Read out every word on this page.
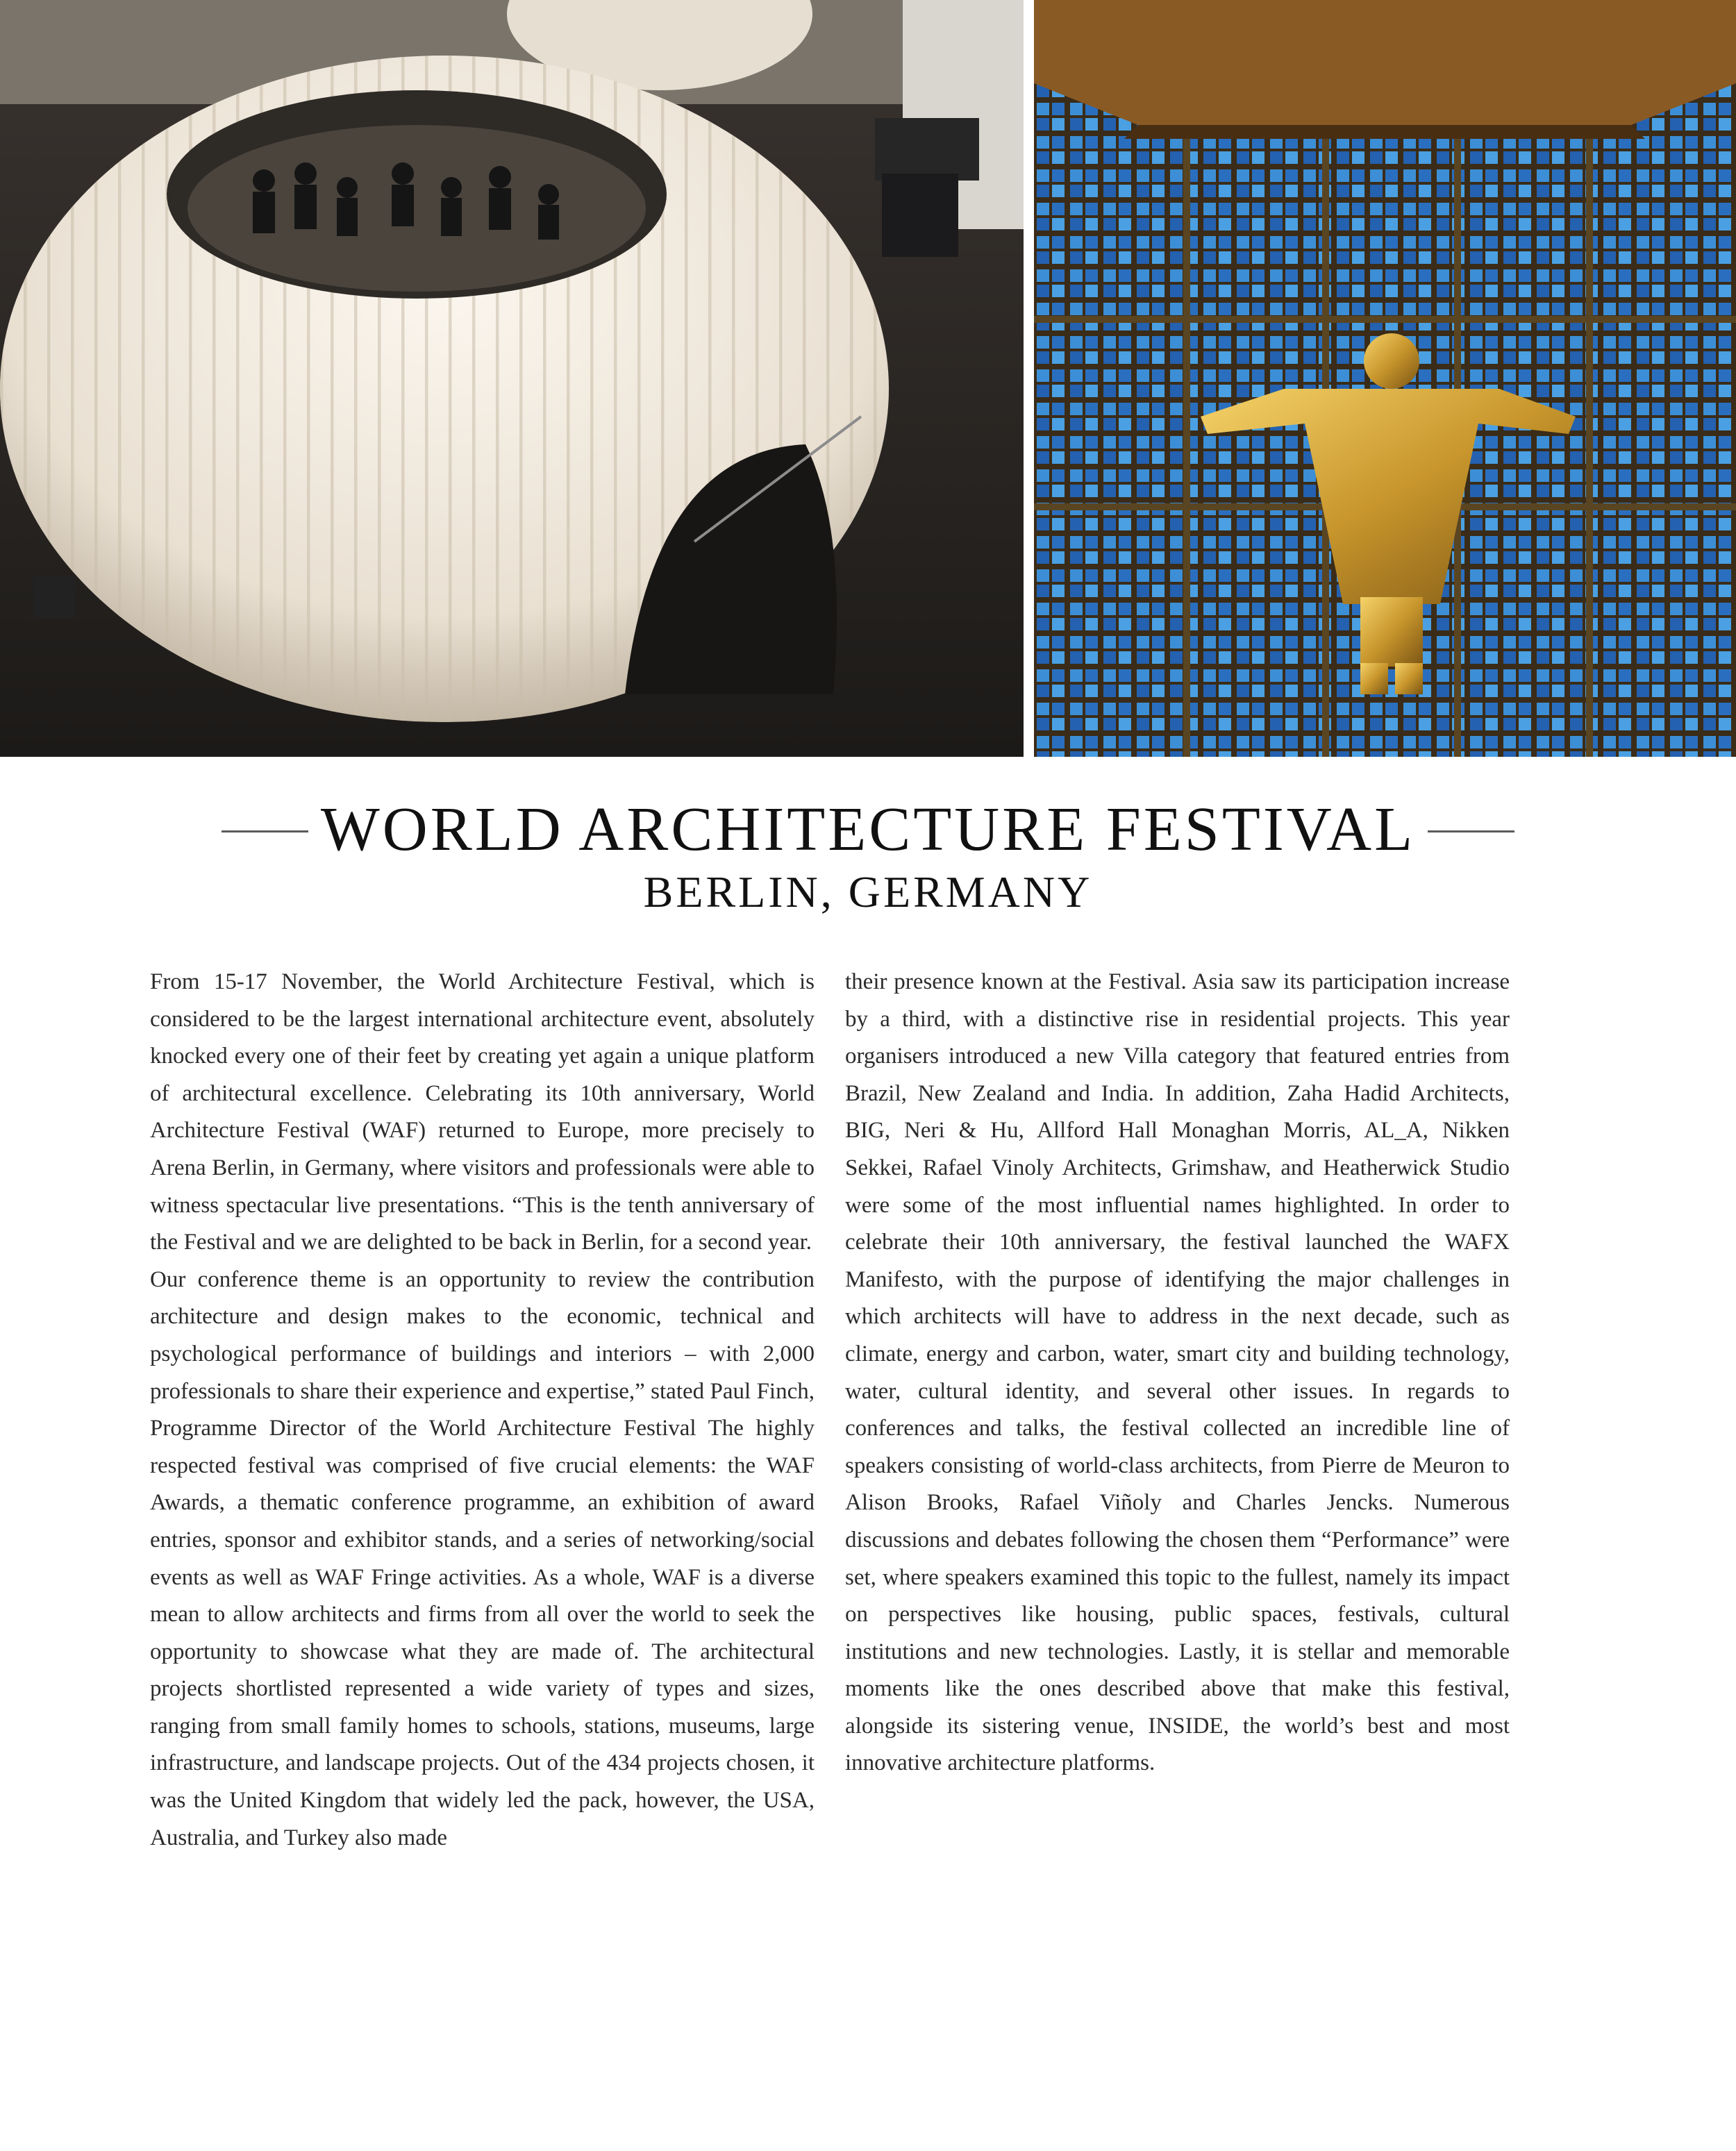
WORLD ARCHITECTURE FESTIVAL
BERLIN, GERMANY

From 15-17 November, the World Architecture Festival, which is considered to be the largest international architecture event, absolutely knocked every one of their feet by creating yet again a unique platform of architectural excellence. Celebrating its 10th anniversary, World Architecture Festival (WAF) returned to Europe, more precisely to Arena Berlin, in Germany, where visitors and professionals were able to witness spectacular live presentations. “This is the tenth anniversary of the Festival and we are delighted to be back in Berlin, for a second year.

Our conference theme is an opportunity to review the contribution architecture and design makes to the economic, technical and psychological performance of buildings and interiors – with 2,000 professionals to share their experience and expertise,” stated Paul Finch, Programme Director of the World Architecture Festival The highly respected festival was comprised of five crucial elements: the WAF Awards, a thematic conference programme, an exhibition of award entries, sponsor and exhibitor stands, and a series of networking/social events as well as WAF Fringe activities. As a whole, WAF is a diverse mean to allow architects and firms from all over the world to seek the opportunity to showcase what they are made of. The architectural projects shortlisted represented a wide variety of types and sizes, ranging from small family homes to schools, stations, museums, large infrastructure, and landscape projects. Out of the 434 projects chosen, it was the United Kingdom that widely led the pack, however, the USA, Australia, and Turkey also made

their presence known at the Festival. Asia saw its participation increase by a third, with a distinctive rise in residential projects. This year organisers introduced a new Villa category that featured entries from Brazil, New Zealand and India. In addition, Zaha Hadid Architects, BIG, Neri & Hu, Allford Hall Monaghan Morris, AL_A, Nikken Sekkei, Rafael Vinoly Architects, Grimshaw, and Heatherwick Studio were some of the most influential names highlighted. In order to celebrate their 10th anniversary, the festival launched the WAFX Manifesto, with the purpose of identifying the major challenges in which architects will have to address in the next decade, such as climate, energy and carbon, water, smart city and building technology, water, cultural identity, and several other issues. In regards to conferences and talks, the festival collected an incredible line of speakers consisting of world-class architects, from Pierre de Meuron to Alison Brooks, Rafael Viñoly and Charles Jencks. Numerous discussions and debates following the chosen them “Performance” were set, where speakers examined this topic to the fullest, namely its impact on perspectives like housing, public spaces, festivals, cultural institutions and new technologies. Lastly, it is stellar and memorable moments like the ones described above that make this festival, alongside its sistering venue, INSIDE, the world’s best and most innovative architecture platforms.
